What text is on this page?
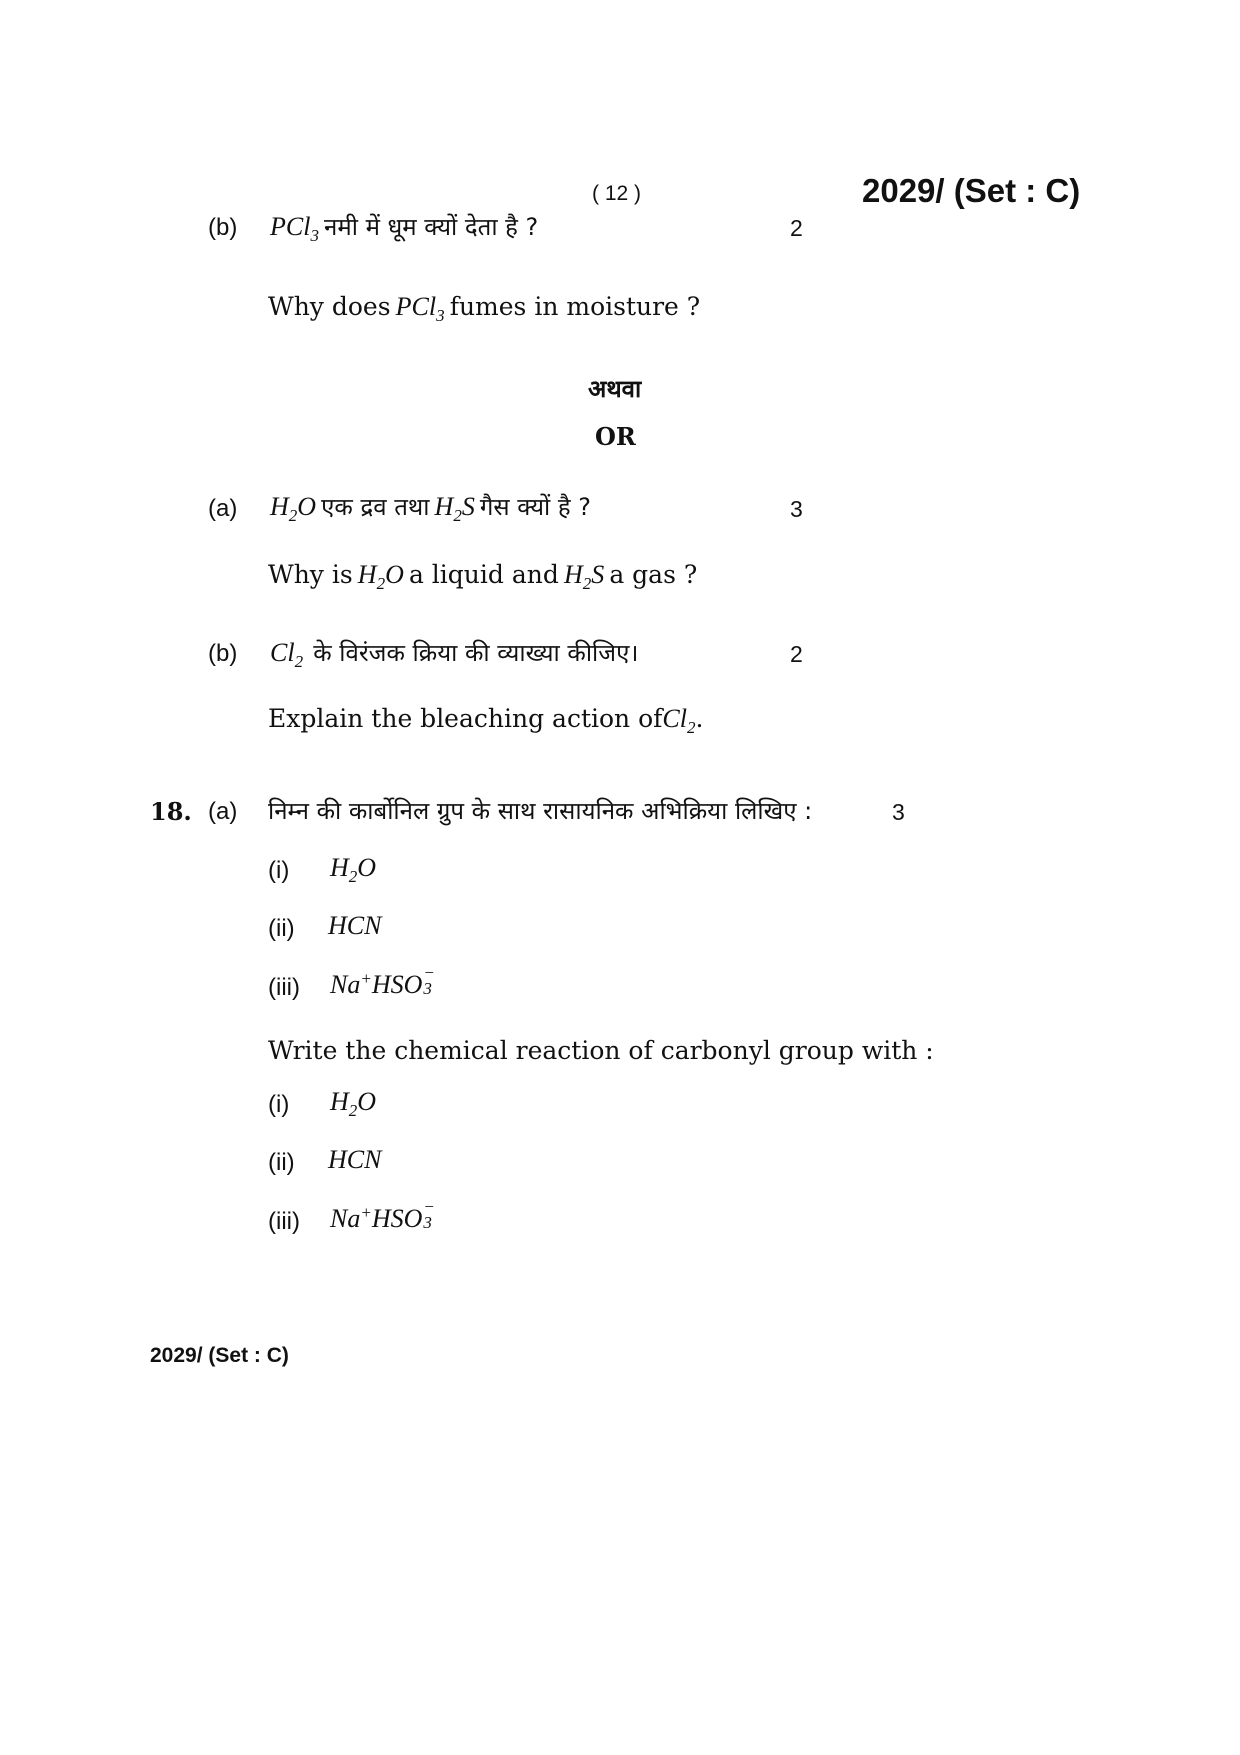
( 12 )	2029/ (Set : C)
(b) PCl$_3$ नमी में धूम क्यों देता है ?	2
Why does PCl$_3$ fumes in moisture ?
अथवा
OR
(a) $H_2O$ एक द्रव तथा $H_2S$ गैस क्यों है ?	3
Why is $H_2O$ a liquid and $H_2S$ a gas ?
(b) $Cl_2$ के विरंजक क्रिया की व्याख्या कीजिए।	2
Explain the bleaching action ofCl$_2$.
18. (a) निम्न की कार्बोनिल ग्रुप के साथ रासायनिक अभिक्रिया लिखिए :	3
(i) $H_2O$
(ii) HCN
(iii) Na+HSO −
3
Write the chemical reaction of carbonyl group with :
(i) $H_2O$
(ii) HCN
(iii) Na+HSO −
3
2029/ (Set : C)
